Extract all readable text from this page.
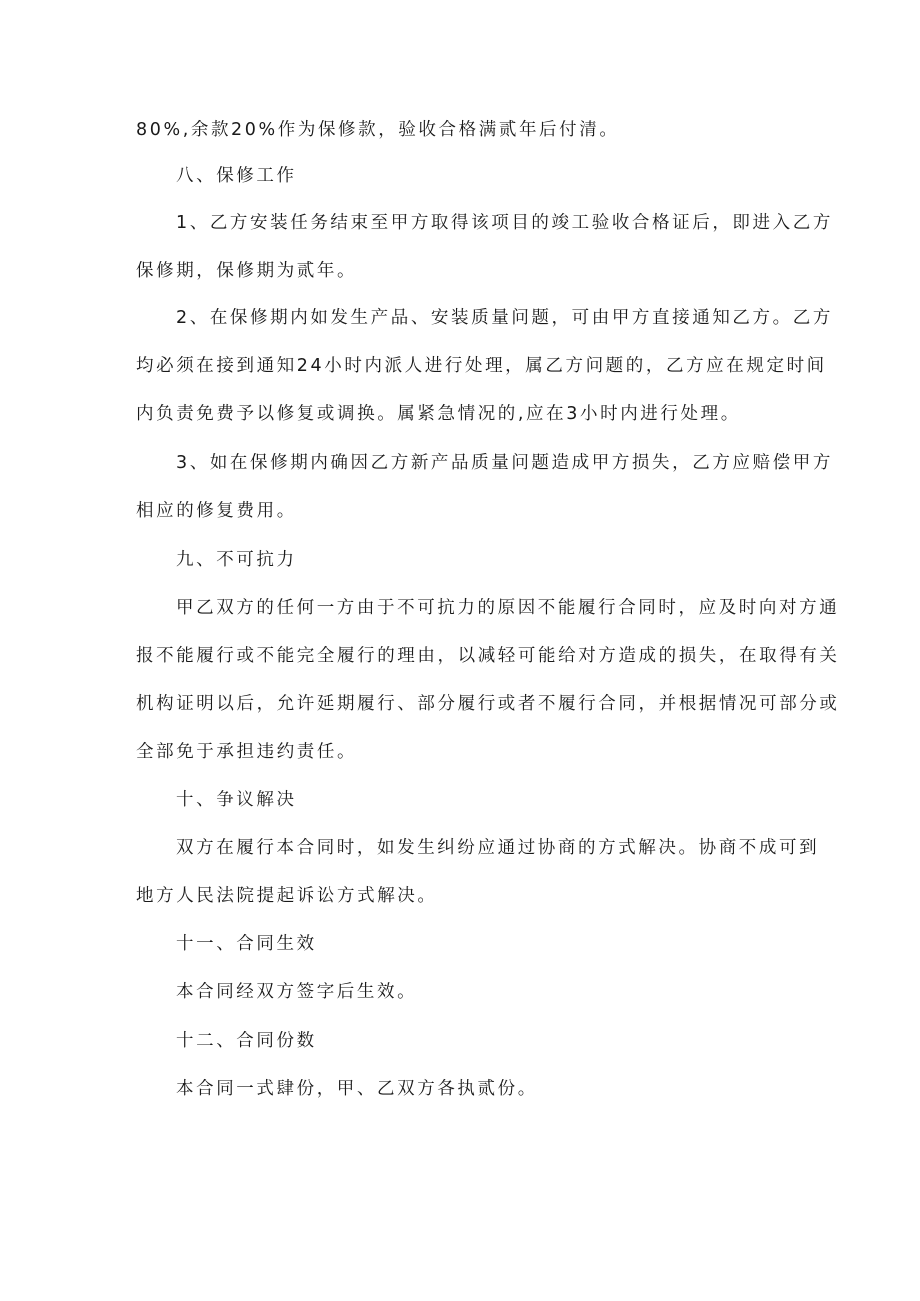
80%,余款20%作为保修款，验收合格满贰年后付清。
八、保修工作
1、乙方安装任务结束至甲方取得该项目的竣工验收合格证后，即进入乙方
保修期，保修期为贰年。
2、在保修期内如发生产品、安装质量问题，可由甲方直接通知乙方。乙方
均必须在接到通知24小时内派人进行处理，属乙方问题的，乙方应在规定时间
内负责免费予以修复或调换。属紧急情况的,应在3小时内进行处理。
3、如在保修期内确因乙方新产品质量问题造成甲方损失，乙方应赔偿甲方
相应的修复费用。
九、不可抗力
甲乙双方的任何一方由于不可抗力的原因不能履行合同时，应及时向对方通
报不能履行或不能完全履行的理由，以减轻可能给对方造成的损失，在取得有关
机构证明以后，允许延期履行、部分履行或者不履行合同，并根据情况可部分或
全部免于承担违约责任。
十、争议解决
双方在履行本合同时，如发生纠纷应通过协商的方式解决。协商不成可到
地方人民法院提起诉讼方式解决。
十一、合同生效
本合同经双方签字后生效。
十二、合同份数
本合同一式肆份，甲、乙双方各执贰份。
